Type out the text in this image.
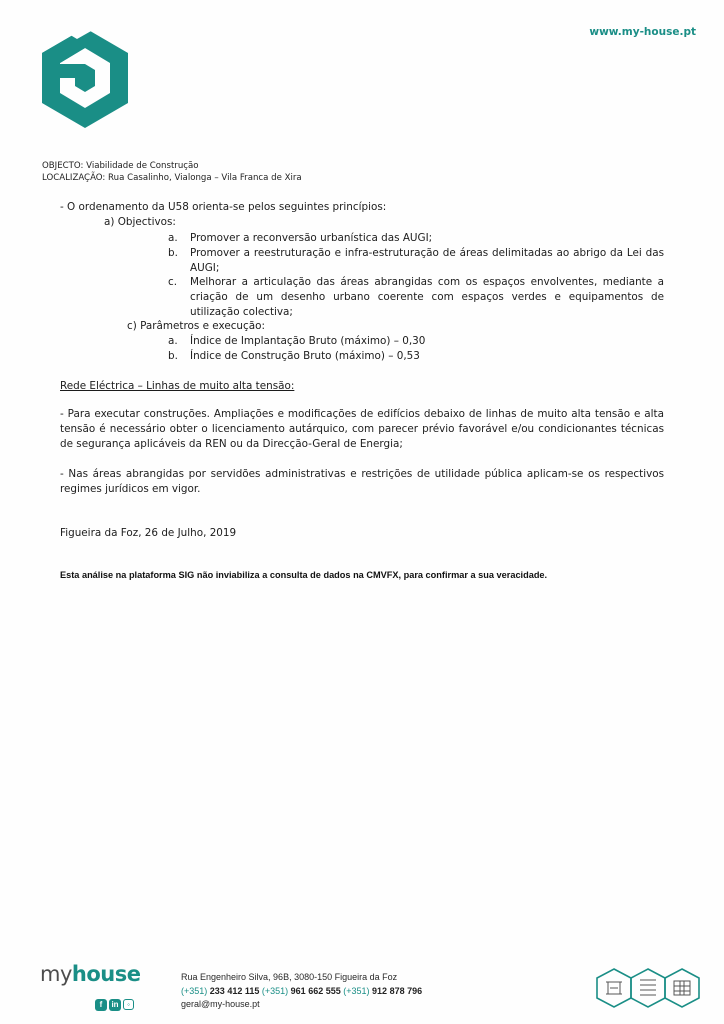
www.my-house.pt
OBJECTO: Viabilidade de Construção
LOCALIZAÇÃO: Rua Casalinho, Vialonga – Vila Franca de Xira
- O ordenamento da U58 orienta-se pelos seguintes princípios:
a) Objectivos:
a. Promover a reconversão urbanística das AUGI;
b. Promover a reestruturação e infra-estruturação de áreas delimitadas ao abrigo da Lei das AUGI;
c. Melhorar a articulação das áreas abrangidas com os espaços envolventes, mediante a criação de um desenho urbano coerente com espaços verdes e equipamentos de utilização colectiva;
c) Parâmetros e execução:
a. Índice de Implantação Bruto (máximo) – 0,30
b. Índice de Construção Bruto (máximo) – 0,53
Rede Eléctrica – Linhas de muito alta tensão:
- Para executar construções. Ampliações e modificações de edifícios debaixo de linhas de muito alta tensão e alta tensão é necessário obter o licenciamento autárquico, com parecer prévio favorável e/ou condicionantes técnicas de segurança aplicáveis da REN ou da Direcção-Geral de Energia;
- Nas áreas abrangidas por servidões administrativas e restrições de utilidade pública aplicam-se os respectivos regimes jurídicos em vigor.
Figueira da Foz, 26 de Julho, 2019
Esta análise na plataforma SIG não inviabiliza a consulta de dados na CMVFX, para confirmar a sua veracidade.
myhouse
f in ◦
Rua Engenheiro Silva, 96B, 3080-150 Figueira da Foz
(+351) 233 412 115 (+351) 961 662 555 (+351) 912 878 796
geral@my-house.pt
